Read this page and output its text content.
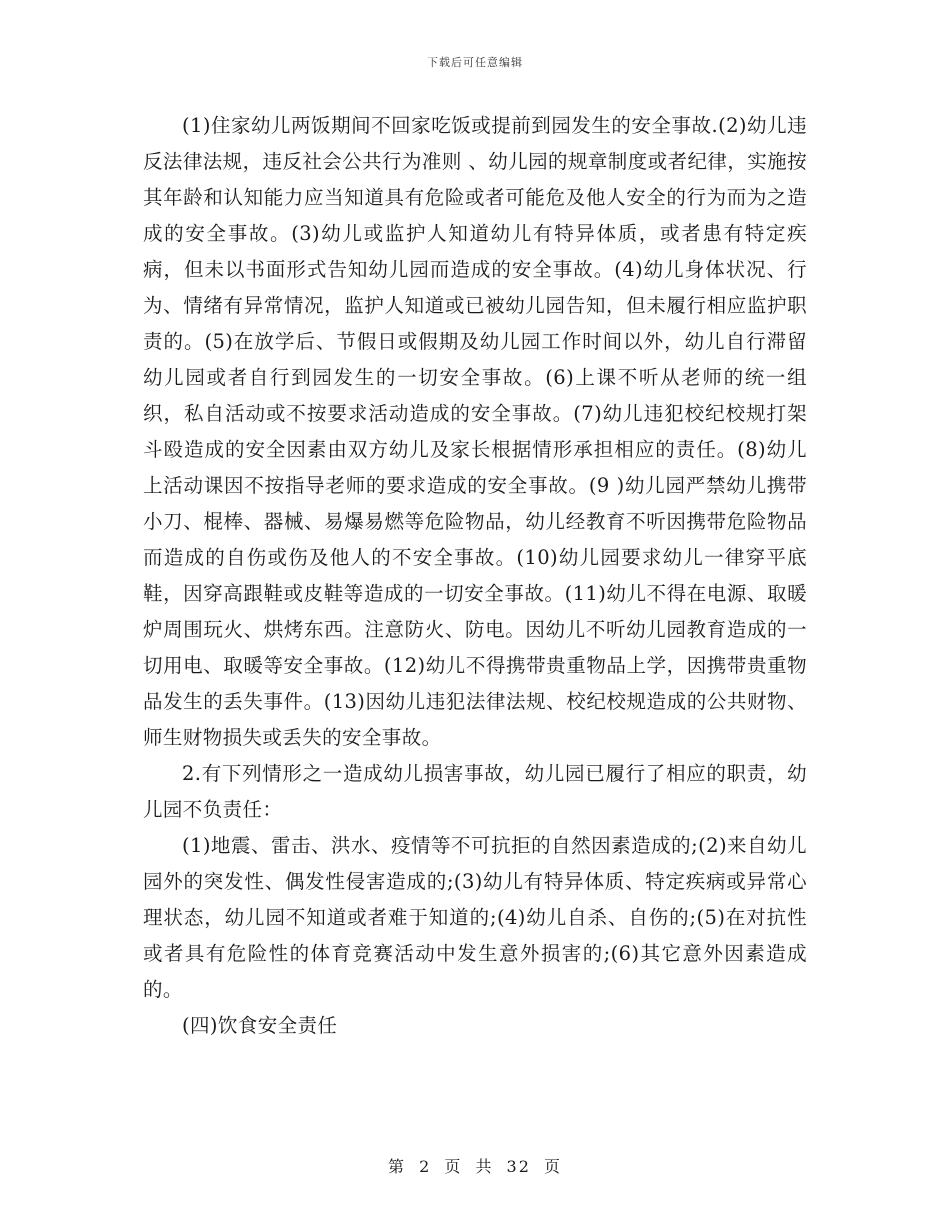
下载后可任意编辑

(1)住家幼儿两饭期间不回家吃饭或提前到园发生的安全事故.(2)幼儿违反法律法规，违反社会公共行为准则 、幼儿园的规章制度或者纪律，实施按其年龄和认知能力应当知道具有危险或者可能危及他人安全的行为而为之造成的安全事故。(3)幼儿或监护人知道幼儿有特异体质，或者患有特定疾病，但未以书面形式告知幼儿园而造成的安全事故。(4)幼儿身体状况、行为、情绪有异常情况，监护人知道或已被幼儿园告知，但未履行相应监护职责的。(5)在放学后、节假日或假期及幼儿园工作时间以外，幼儿自行滞留幼儿园或者自行到园发生的一切安全事故。(6)上课不听从老师的统一组织，私自活动或不按要求活动造成的安全事故。(7)幼儿违犯校纪校规打架斗殴造成的安全因素由双方幼儿及家长根据情形承担相应的责任。(8)幼儿上活动课因不按指导老师的要求造成的安全事故。(9 )幼儿园严禁幼儿携带小刀、棍棒、器械、易爆易燃等危险物品，幼儿经教育不听因携带危险物品而造成的自伤或伤及他人的不安全事故。(10)幼儿园要求幼儿一律穿平底鞋，因穿高跟鞋或皮鞋等造成的一切安全事故。(11)幼儿不得在电源、取暖炉周围玩火、烘烤东西。注意防火、防电。因幼儿不听幼儿园教育造成的一切用电、取暖等安全事故。(12)幼儿不得携带贵重物品上学，因携带贵重物品发生的丢失事件。(13)因幼儿违犯法律法规、校纪校规造成的公共财物、师生财物损失或丢失的安全事故。

2.有下列情形之一造成幼儿损害事故，幼儿园已履行了相应的职责，幼儿园不负责任：

(1)地震、雷击、洪水、疫情等不可抗拒的自然因素造成的;(2)来自幼儿园外的突发性、偶发性侵害造成的;(3)幼儿有特异体质、特定疾病或异常心理状态，幼儿园不知道或者难于知道的;(4)幼儿自杀、自伤的;(5)在对抗性或者具有危险性的体育竞赛活动中发生意外损害的;(6)其它意外因素造成的。

(四)饮食安全责任

第 2 页 共 32 页
